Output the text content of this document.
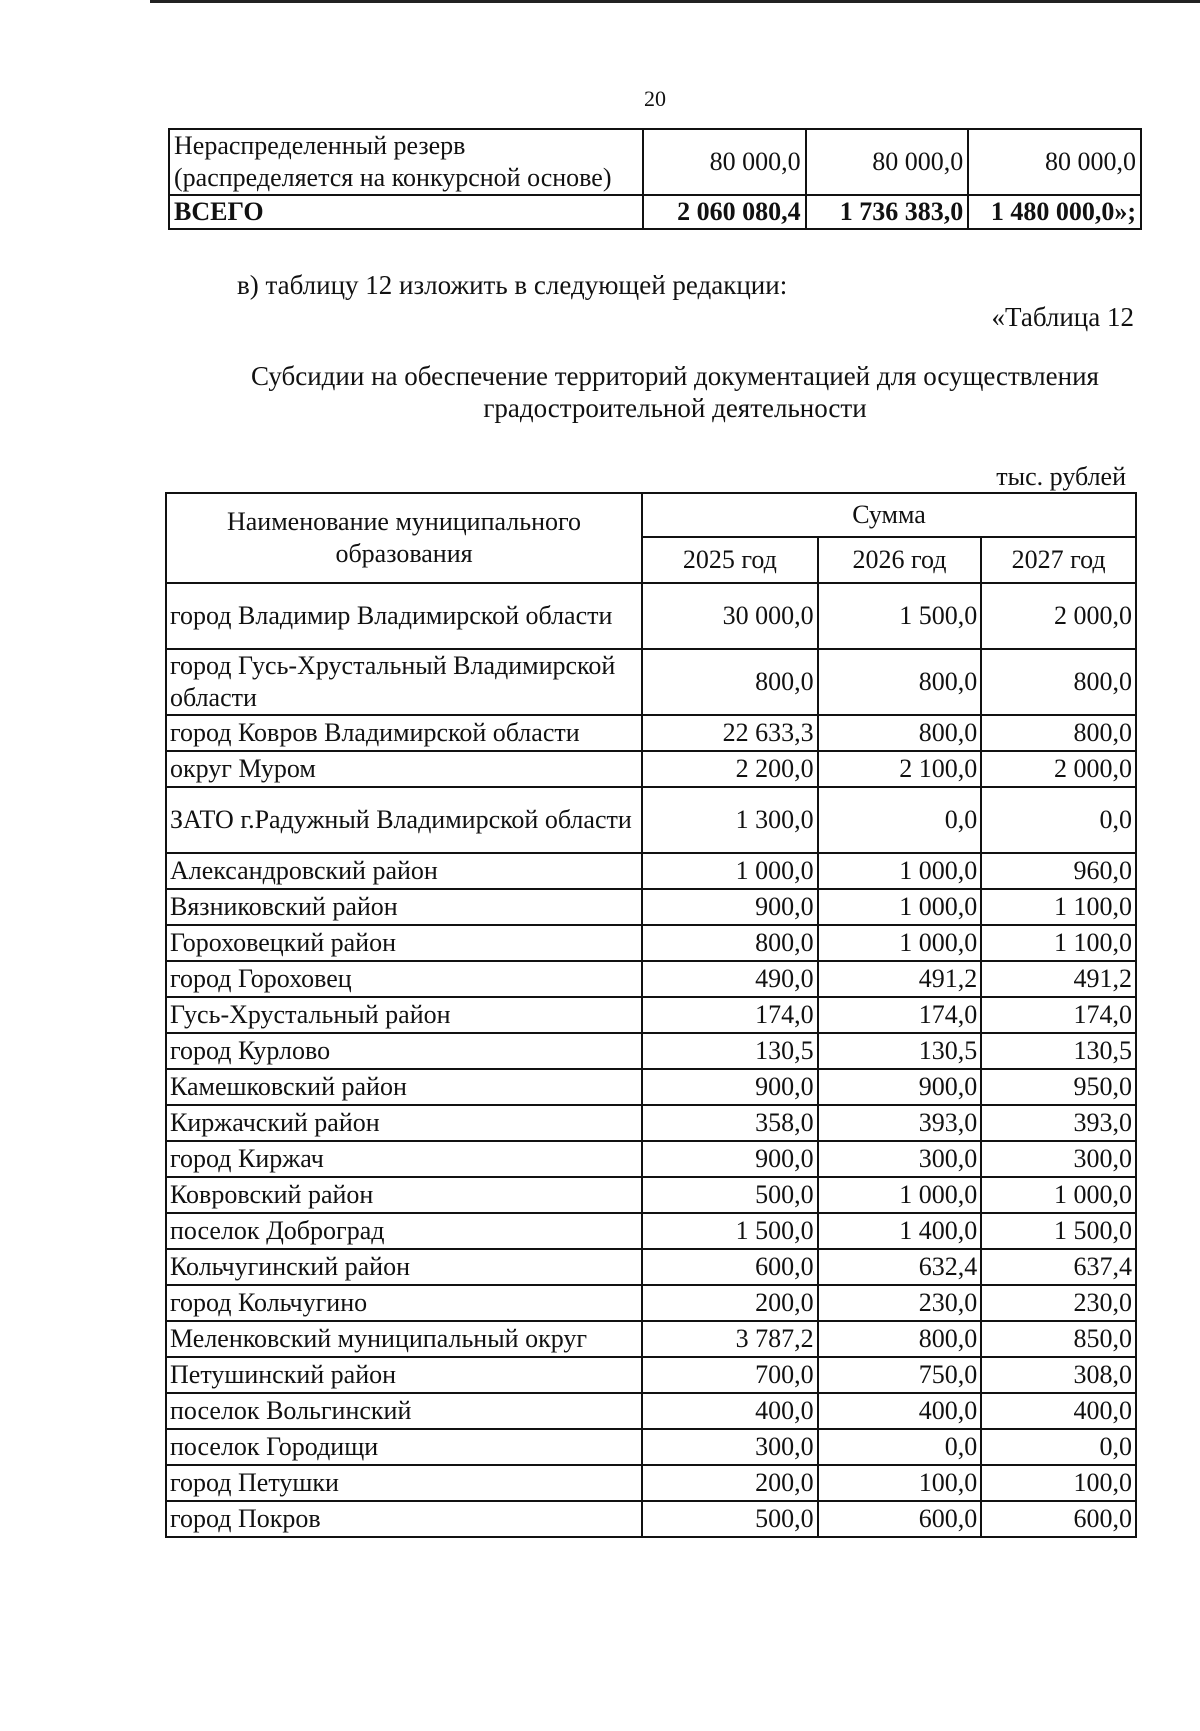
20
Нераспределенный резерв (распределяется на конкурсной основе)	80 000,0	80 000,0	80 000,0
ВСЕГО	2 060 080,4	1 736 383,0	1 480 000,0»;
в) таблицу 12 изложить в следующей редакции:
«Таблица 12
Субсидии на обеспечение территорий документацией для осуществления
градостроительной деятельности
тыс. рублей
Наименование муниципального образования	Сумма		
	2025 год	2026 год	2027 год
город Владимир Владимирской области	30 000,0	1 500,0	2 000,0
город Гусь-Хрустальный Владимирской области	800,0	800,0	800,0
город Ковров Владимирской области	22 633,3	800,0	800,0
округ Муром	2 200,0	2 100,0	2 000,0
ЗАТО г.Радужный Владимирской области	1 300,0	0,0	0,0
Александровский район	1 000,0	1 000,0	960,0
Вязниковский район	900,0	1 000,0	1 100,0
Гороховецкий район	800,0	1 000,0	1 100,0
город Гороховец	490,0	491,2	491,2
Гусь-Хрустальный район	174,0	174,0	174,0
город Курлово	130,5	130,5	130,5
Камешковский район	900,0	900,0	950,0
Киржачский район	358,0	393,0	393,0
город Киржач	900,0	300,0	300,0
Ковровский район	500,0	1 000,0	1 000,0
поселок Доброград	1 500,0	1 400,0	1 500,0
Кольчугинский район	600,0	632,4	637,4
город Кольчугино	200,0	230,0	230,0
Меленковский муниципальный округ	3 787,2	800,0	850,0
Петушинский район	700,0	750,0	308,0
поселок Вольгинский	400,0	400,0	400,0
поселок Городищи	300,0	0,0	0,0
город Петушки	200,0	100,0	100,0
город Покров	500,0	600,0	600,0
